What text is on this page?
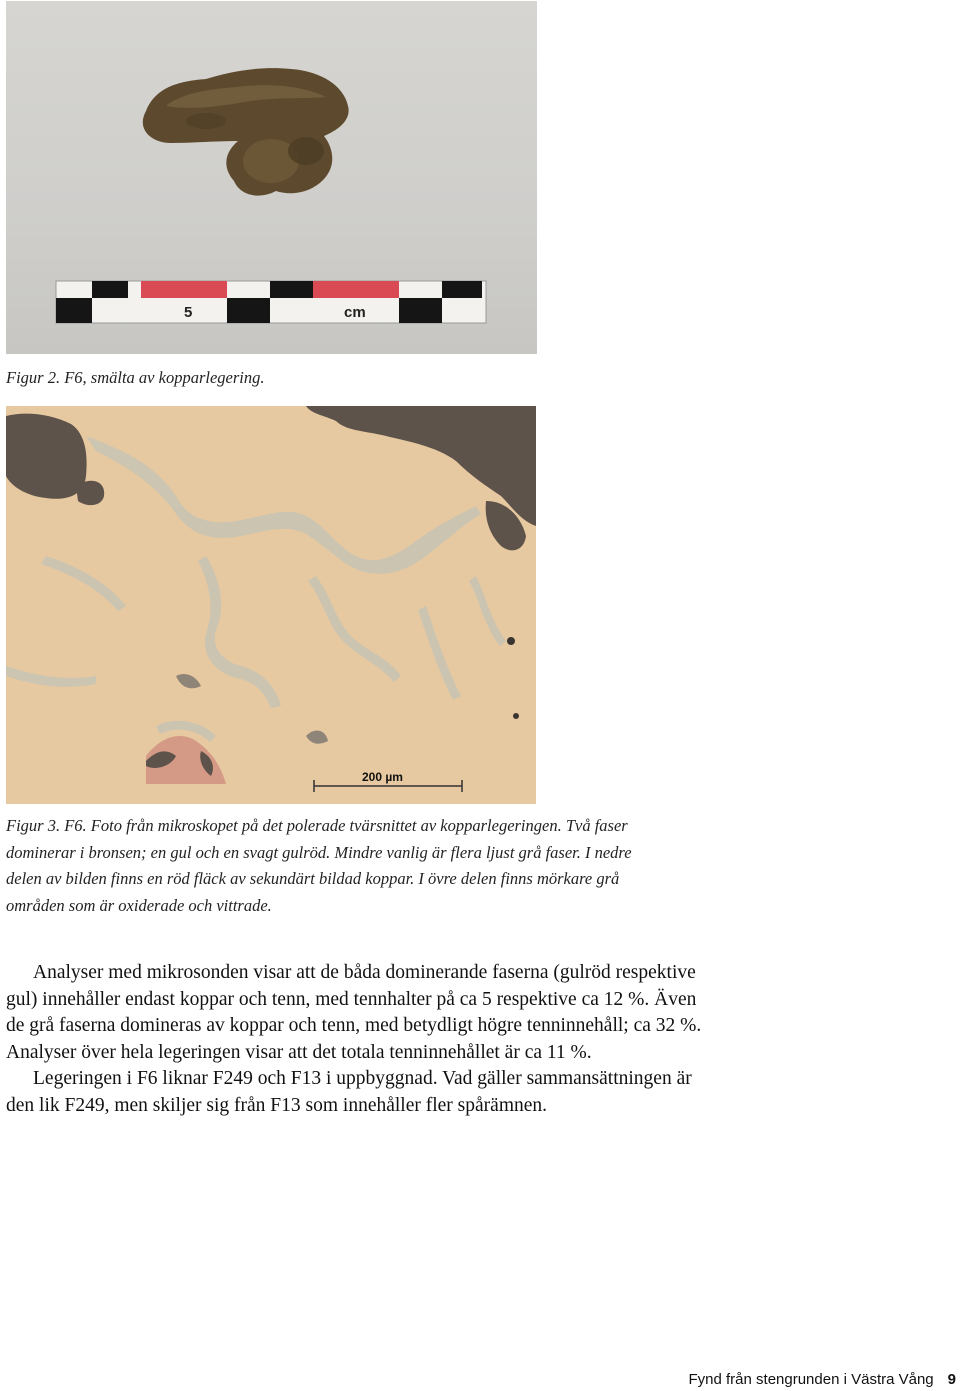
5	cm

Figur 2. F6, smälta av kopparlegering.

200 µm

Figur 3. F6. Foto från mikroskopet på det polerade tvärsnittet av kopparlegeringen. Två faser dominerar i bronsen; en gul och en svagt gulröd. Mindre vanlig är flera ljust grå faser. I nedre delen av bilden finns en röd fläck av sekundärt bildad koppar. I övre delen finns mörkare grå områden som är oxiderade och vittrade.

Analyser med mikrosonden visar att de båda dominerande faserna (gulröd respektive gul) innehåller endast koppar och tenn, med tennhalter på ca 5 respektive ca 12 %. Även de grå faserna domineras av koppar och tenn, med betydligt högre tenninnehåll; ca 32 %. Analyser över hela legeringen visar att det totala tenninnehållet är ca 11 %.

Legeringen i F6 liknar F249 och F13 i uppbyggnad. Vad gäller sammansättningen är den lik F249, men skiljer sig från F13 som innehåller fler spårämnen.

Fynd från stengrunden i Västra Vång 9
